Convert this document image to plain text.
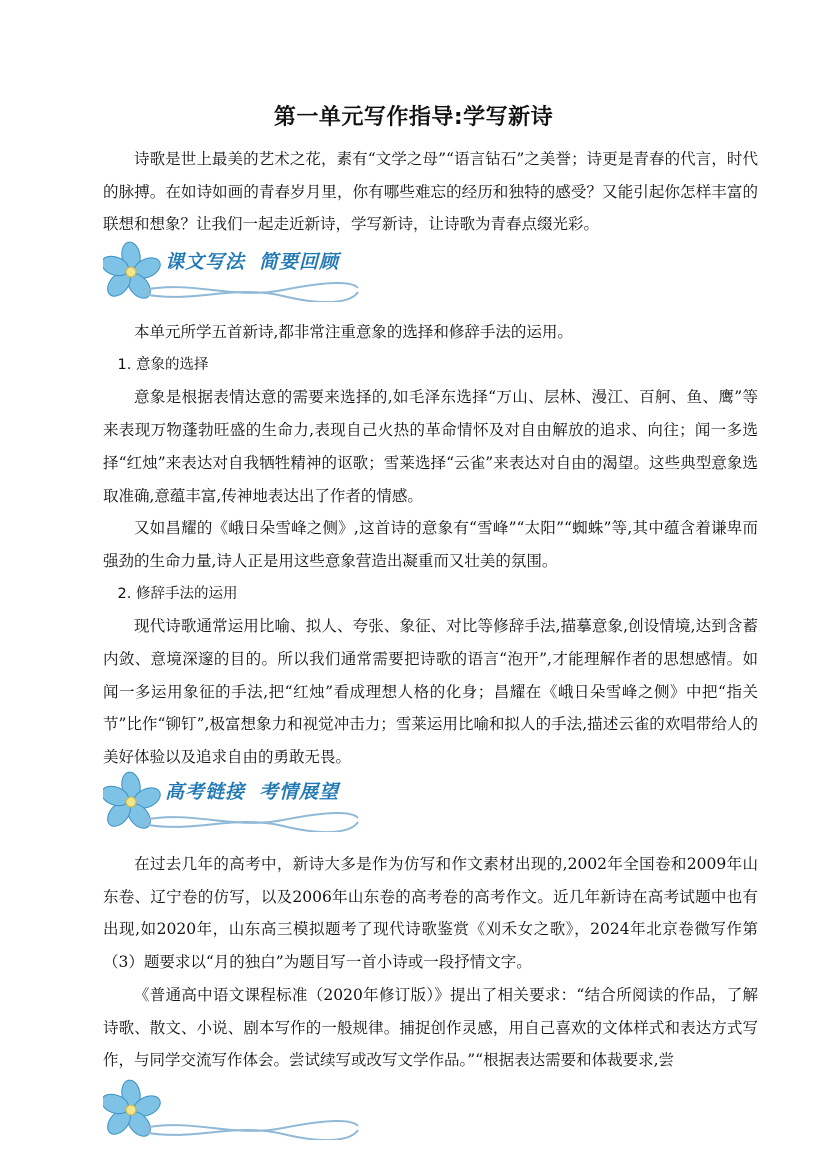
第一单元写作指导:学写新诗

诗歌是世上最美的艺术之花，素有“文学之母”“语言钻石”之美誉；诗更是青春的代言，时代的脉搏。在如诗如画的青春岁月里，你有哪些难忘的经历和独特的感受？又能引起你怎样丰富的联想和想象？让我们一起走近新诗，学写新诗，让诗歌为青春点缀光彩。

课文写法 简要回顾

本单元所学五首新诗,都非常注重意象的选择和修辞手法的运用。

1. 意象的选择

意象是根据表情达意的需要来选择的,如毛泽东选择“万山、层林、漫江、百舸、鱼、鹰”等来表现万物蓬勃旺盛的生命力,表现自己火热的革命情怀及对自由解放的追求、向往；闻一多选择“红烛”来表达对自我牺牲精神的讴歌；雪莱选择“云雀”来表达对自由的渴望。这些典型意象选取准确,意蕴丰富,传神地表达出了作者的情感。

又如昌耀的《峨日朵雪峰之侧》,这首诗的意象有“雪峰”“太阳”“蜘蛛”等,其中蕴含着谦卑而强劲的生命力量,诗人正是用这些意象营造出凝重而又壮美的氛围。

2. 修辞手法的运用

现代诗歌通常运用比喻、拟人、夸张、象征、对比等修辞手法,描摹意象,创设情境,达到含蓄内敛、意境深邃的目的。所以我们通常需要把诗歌的语言“泡开”,才能理解作者的思想感情。如闻一多运用象征的手法,把“红烛”看成理想人格的化身；昌耀在《峨日朵雪峰之侧》中把“指关节”比作“铆钉”,极富想象力和视觉冲击力；雪莱运用比喻和拟人的手法,描述云雀的欢唱带给人的美好体验以及追求自由的勇敢无畏。

高考链接 考情展望

在过去几年的高考中，新诗大多是作为仿写和作文素材出现的,2002年全国卷和2009年山东卷、辽宁卷的仿写，以及2006年山东卷的高考卷的高考作文。近几年新诗在高考试题中也有出现,如2020年，山东高三模拟题考了现代诗歌鉴赏《刈禾女之歌》，2024年北京卷微写作第（3）题要求以“月的独白”为题目写一首小诗或一段抒情文字。

《普通高中语文课程标准（2020年修订版）》提出了相关要求：“结合所阅读的作品，了解诗歌、散文、小说、剧本写作的一般规律。捕捉创作灵感，用自己喜欢的文体样式和表达方式写作，与同学交流写作体会。尝试续写或改写文学作品。”“根据表达需要和体裁要求,尝
